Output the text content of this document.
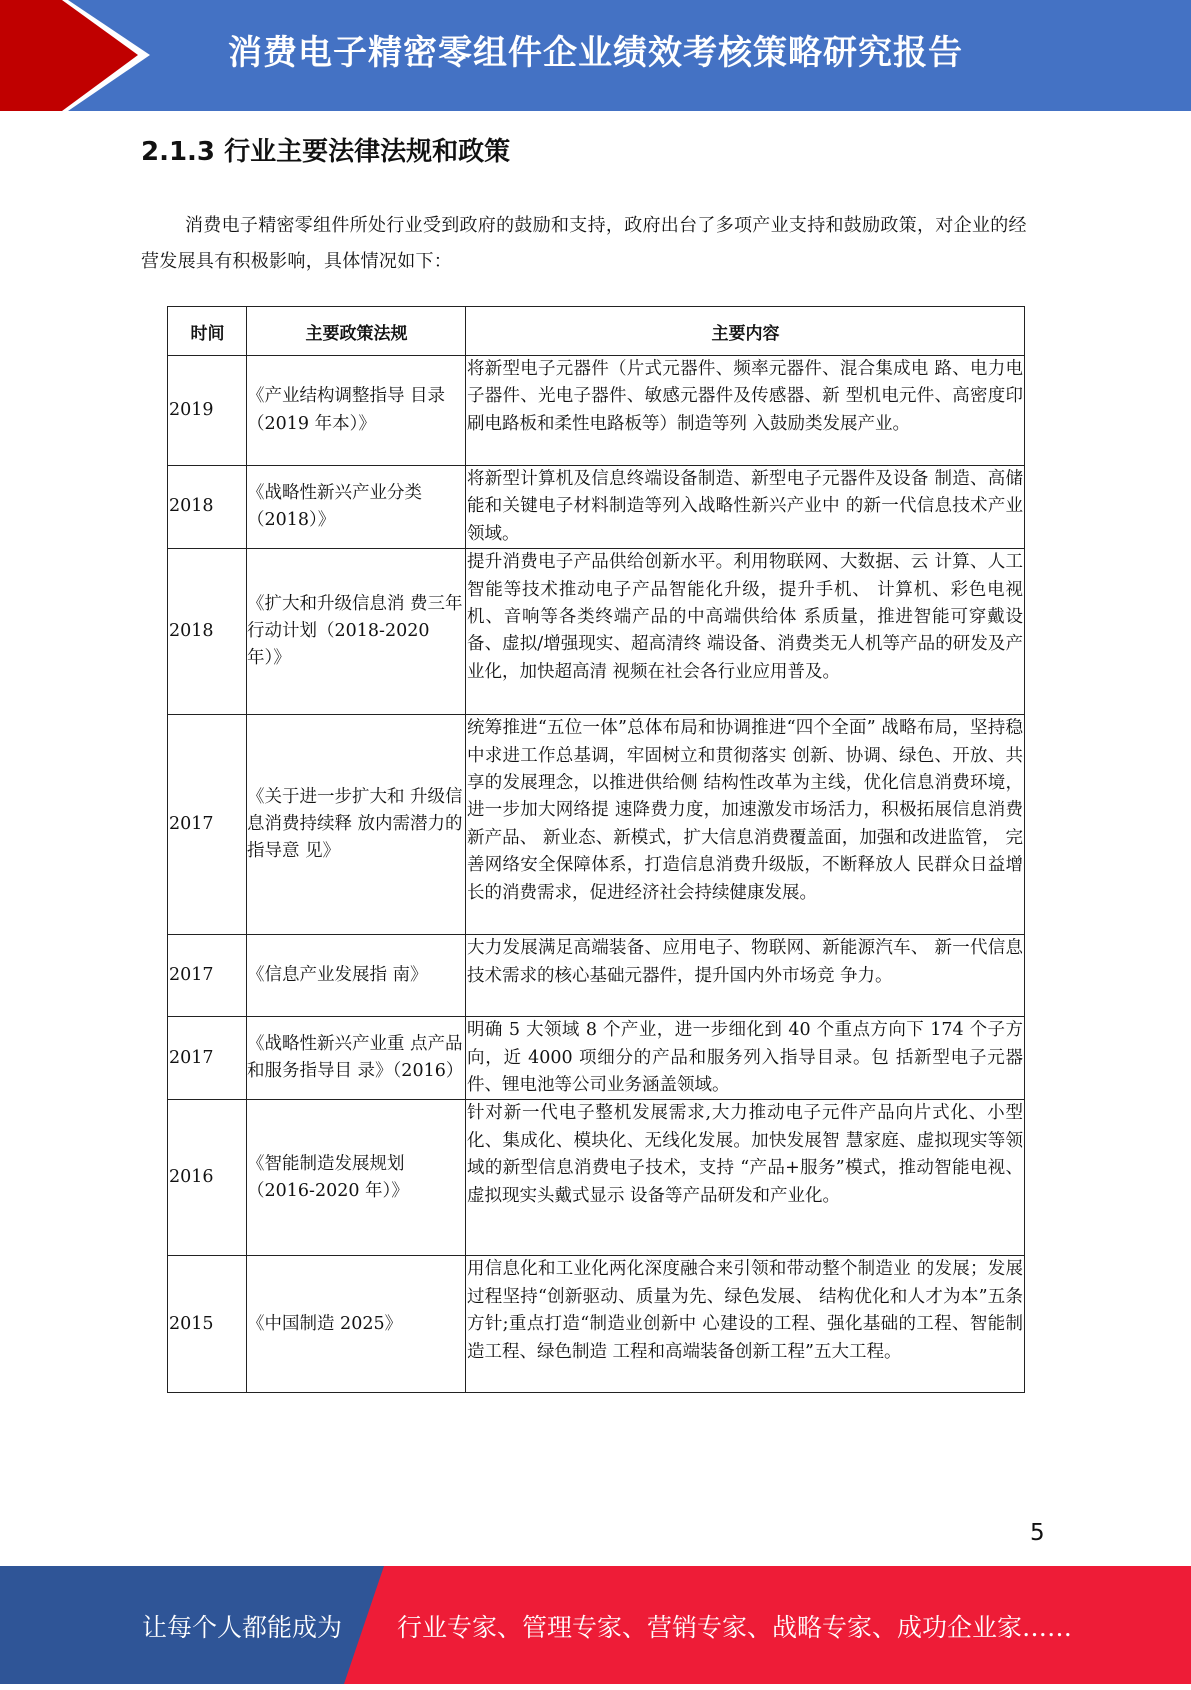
消费电子精密零组件企业绩效考核策略研究报告
2.1.3 行业主要法律法规和政策
消费电子精密零组件所处行业受到政府的鼓励和支持，政府出台了多项产业支持和鼓励政策，对企业的经营发展具有积极影响，具体情况如下：
时间	主要政策法规	主要内容
2019	《产业结构调整指导 目录（2019 年本）》	将新型电子元器件（片式元器件、频率元器件、混合集成电 路、电力电子器件、光电子器件、敏感元器件及传感器、新 型机电元件、高密度印刷电路板和柔性电路板等）制造等列 入鼓励类发展产业。
2018	《战略性新兴产业分类（2018）》	将新型计算机及信息终端设备制造、新型电子元器件及设备 制造、高储能和关键电子材料制造等列入战略性新兴产业中 的新一代信息技术产业领域。
2018	《扩大和升级信息消 费三年行动计划（2018-2020 年）》	提升消费电子产品供给创新水平。利用物联网、大数据、云 计算、人工智能等技术推动电子产品智能化升级，提升手机、 计算机、彩色电视机、音响等各类终端产品的中高端供给体 系质量，推进智能可穿戴设备、虚拟/增强现实、超高清终 端设备、消费类无人机等产品的研发及产业化，加快超高清 视频在社会各行业应用普及。
2017	《关于进一步扩大和 升级信息消费持续释 放内需潜力的指导意 见》	统筹推进“五位一体”总体布局和协调推进“四个全面” 战略布局，坚持稳中求进工作总基调，牢固树立和贯彻落实 创新、协调、绿色、开放、共享的发展理念，以推进供给侧 结构性改革为主线，优化信息消费环境，进一步加大网络提 速降费力度，加速激发市场活力，积极拓展信息消费新产品、 新业态、新模式，扩大信息消费覆盖面，加强和改进监管， 完善网络安全保障体系，打造信息消费升级版，不断释放人 民群众日益增长的消费需求，促进经济社会持续健康发展。
2017	《信息产业发展指 南》	大力发展满足高端装备、应用电子、物联网、新能源汽车、 新一代信息技术需求的核心基础元器件，提升国内外市场竞 争力。
2017	《战略性新兴产业重 点产品和服务指导目 录》（2016）	明确 5 大领域 8 个产业，进一步细化到 40 个重点方向下 174 个子方向，近 4000 项细分的产品和服务列入指导目录。包 括新型电子元器件、锂电池等公司业务涵盖领域。
2016	《智能制造发展规划（2016-2020 年）》	针对新一代电子整机发展需求,大力推动电子元件产品向片式化、小型化、集成化、模块化、无线化发展。加快发展智 慧家庭、虚拟现实等领域的新型信息消费电子技术，支持 “产品+服务”模式，推动智能电视、虚拟现实头戴式显示 设备等产品研发和产业化。
2015	《中国制造 2025》	用信息化和工业化两化深度融合来引领和带动整个制造业 的发展；发展过程坚持“创新驱动、质量为先、绿色发展、 结构优化和人才为本”五条方针;重点打造“制造业创新中 心建设的工程、强化基础的工程、智能制造工程、绿色制造 工程和高端装备创新工程”五大工程。
5
让每个人都能成为 行业专家、管理专家、营销专家、战略专家、成功企业家……
